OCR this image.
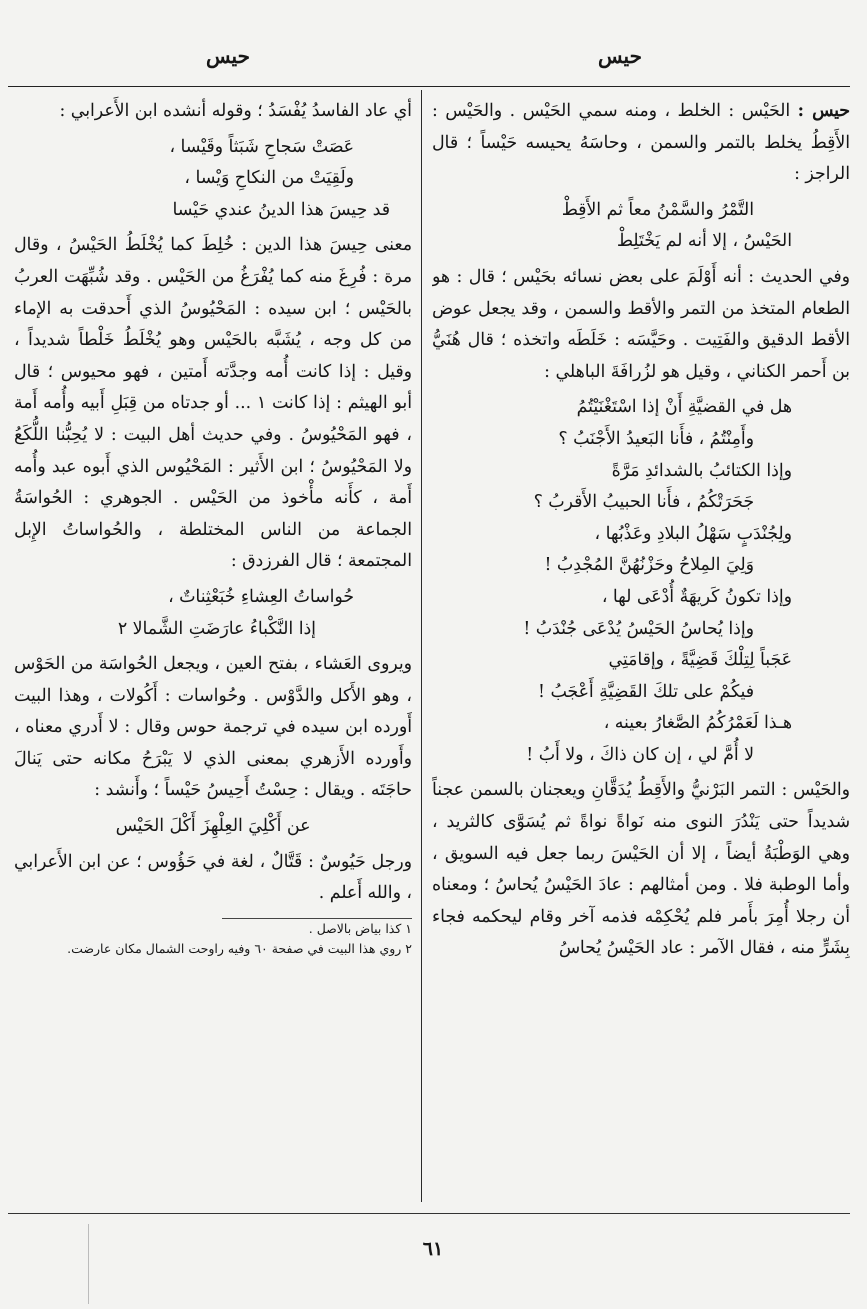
حيس
حيس

حيس : الحَيْس : الخلط ، ومنه سمي الحَيْس . والحَيْس : الأَقِطُ يخلط بالتمر والسمن ، وحاسَهُ يحيسه حَيْساً ؛ قال الراجز :

التَّمْرُ والسَّمْنُ معاً ثم الأَقِطْ

الحَيْسُ ، إلا أنه لم يَخْتَلِطْ

وفي الحديث : أنه أَوْلَمَ على بعض نسائه بحَيْس ؛ قال : هو الطعام المتخذ من التمر والأقط والسمن ، وقد يجعل عوض الأقط الدقيق والفَتِيت . وحَيَّسَه : خَلَطَه واتخذه ؛ قال هُنَيُّ بن أَحمر الكناني ، وقيل هو لزُرافَةَ الباهلي :

هل في القضيَّةِ أَنْ إذا اسْتَغْنَيْتُمُ

وأَمِنْتُمُ ، فأَنا البَعيدُ الأَجْنَبُ ؟

وإذا الكتائبُ بالشدائدِ مَرَّةً

جَحَرَتْكُمُ ، فأَنا الحبيبُ الأَقربُ ؟

ولِجُنْدَبٍ سَهْلُ البلادِ وعَذْبُها ،

وَلِيَ المِلاحُ وحَزْنُهُنَّ المُجْدِبُ !

وإذا تكونُ كَريهَةٌ أُدْعَى لها ،

وإذا يُحاسُ الحَيْسُ يُدْعَى جُنْدَبُ !

عَجَباً لِتِلْكَ قَضِيَّةً ، وإقامَتِي

فيكُمْ على تلكَ القَضِيَّةِ أَعْجَبُ !

هـذا لَعَمْرُكُمُ الصَّغارُ بعينه ،

لا أُمَّ لي ، إن كان ذاكَ ، ولا أَبُ !

والحَيْس : التمر البَرْنيُّ والأَقِطُ يُدَقَّانِ ويعجنان بالسمن عجناً شديداً حتى يَنْدُرَ النوى منه نَواةً نواةً ثم يُسَوَّى كالثريد ، وهي الوَطْبَةُ أيضاً ، إلا أن الحَيْسَ ربما جعل فيه السويق ، وأما الوطبة فلا . ومن أمثالهم : عادَ الحَيْسُ يُحاسُ ؛ ومعناه أن رجلا أُمِرَ بأَمر فلم يُحْكِمْه فذمه آخر وقام ليحكمه فجاء بِشَرٍّ منه ، فقال الآمر : عاد الحَيْسُ يُحاسُ

أي عاد الفاسدُ يُفْسَدُ ؛ وقوله أنشده ابن الأَعرابي :

عَصَتْ سَجاحِ شَبَثاً وقَيْسا ،

ولَقِيَتْ من النكاحِ وَيْسا ،

قد حِيسَ هذا الدينُ عندي حَيْسا

معنى حِيسَ هذا الدين : خُلِطَ كما يُخْلَطُ الحَيْسُ ، وقال مرة : فُرِغَ منه كما يُفْرَغُ من الحَيْس . وقد شُبِّهَت العربُ بالحَيْس ؛ ابن سيده : المَحْيُوسُ الذي أَحدقت به الإماء من كل وجه ، يُشَبَّه بالحَيْس وهو يُخْلَطُ خَلْطاً شديداً ، وقيل : إذا كانت أُمه وجدَّته أَمتين ، فهو محيوس ؛ قال أبو الهيثم : إذا كانت ١ ... أو جدتاه من قِبَلِ أَبيه وأُمه أَمة ، فهو المَحْيُوسُ . وفي حديث أهل البيت : لا يُحِبُّنا اللُّكَعُ ولا المَحْيُوسُ ؛ ابن الأَثير : المَحْيُوس الذي أَبوه عبد وأُمه أَمة ، كأَنه مأْخوذ من الحَيْس . الجوهري : الحُواسَةُ الجماعة من الناس المختلطة ، والحُواساتُ الإِبل المجتمعة ؛ قال الفرزدق :

حُواساتُ العِشاءِ خُبَعْثِناتٌ ،

إذا النَّكْباءُ عارَضَتِ الشَّمالا ٢

ويروى العَشاء ، بفتح العين ، ويجعل الحُواسَة من الحَوْس ، وهو الأَكل والدَّوْس . وحُواسات : أَكُولات ، وهذا البيت أَورده ابن سيده في ترجمة حوس وقال : لا أَدري معناه ، وأَورده الأَزهري بمعنى الذي لا يَبْرَحُ مكانه حتى يَنالَ حاجَتَه . ويقال : حِسْتُ أَحِيسُ حَيْساً ؛ وأَنشد :

عن أَكْلِيَ العِلْهِزَ أَكْلَ الحَيْس

ورجل حَيُوسٌ : قَتَّالٌ ، لغة في حَؤُوس ؛ عن ابن الأَعرابي ، والله أَعلم .

١ كذا بياض بالاصل .

٢ روي هذا البيت في صفحة ٦٠ وفيه راوحت الشمال مكان عارضت.

٦١
